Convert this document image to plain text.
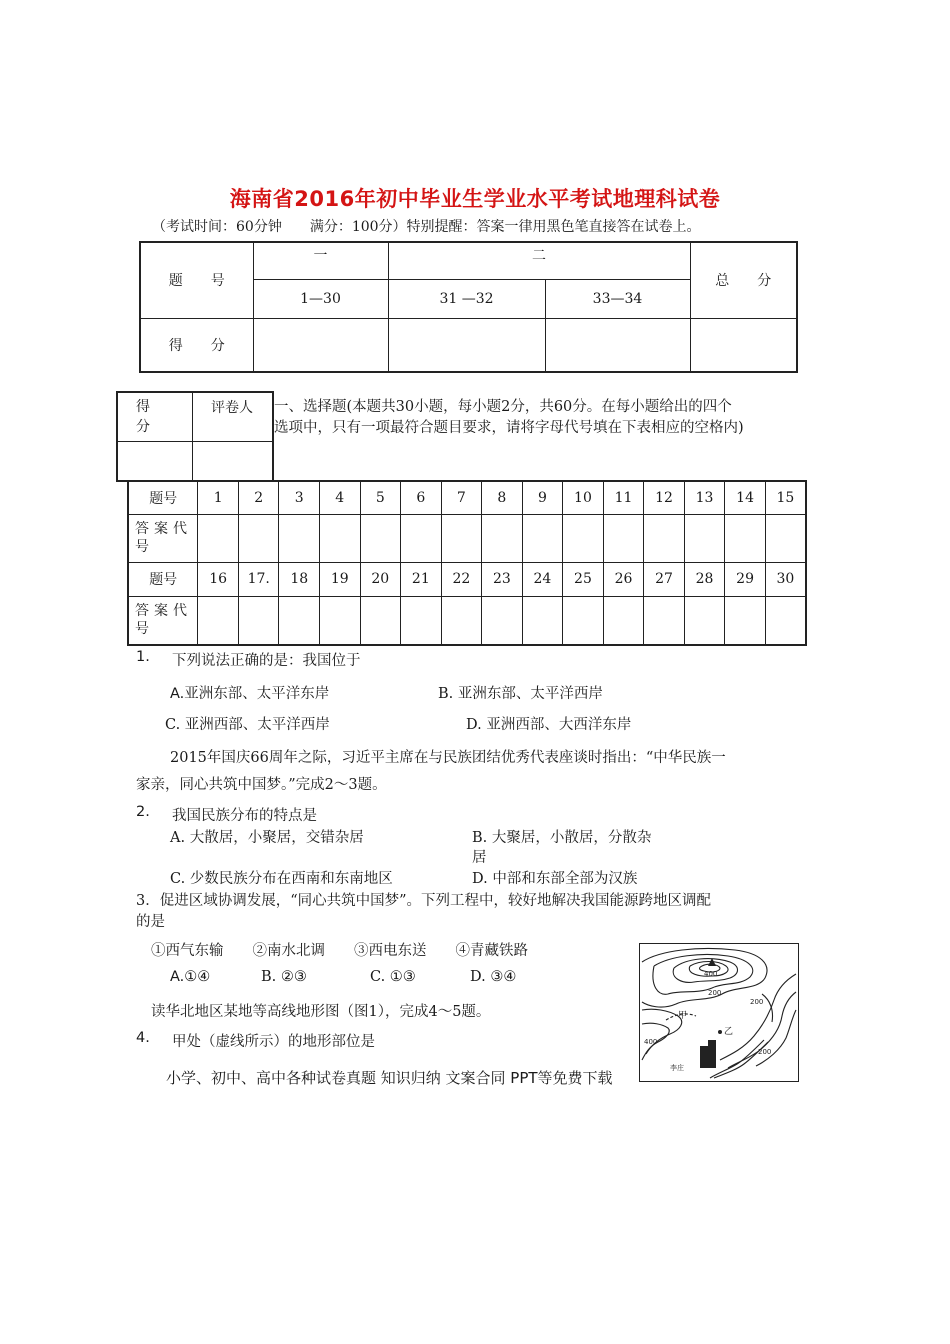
海南省2016年初中毕业生学业水平考试地理科试卷
（考试时间：60分钟　　满分：100分）特别提醒：答案一律用黑色笔直接答在试卷上。
题　　号	一	二		总　　分
	1—30	31 —32	33—34	
得　　分				
得分	评卷人
	一、选择题(本题共30小题，每小题2分，共60分。在每小题给出的四个
选项中，只有一项最符合题目要求，请将字母代号填在下表相应的空格内)
题号	1	2	3	4	5	6	7	8	9	10	11	12	13	14	15
答案代号															
题号	16	17.	18	19	20	21	22	23	24	25	26	27	28	29	30
答案代号															
1. 下列说法正确的是：我国位于
A.亚洲东部、太平洋东岸	B. 亚洲东部、太平洋西岸
C. 亚洲西部、太平洋西岸	D. 亚洲西部、大西洋东岸
2015年国庆66周年之际，习近平主席在与民族团结优秀代表座谈时指出：“中华民族一
家亲，同心共筑中国梦。”完成2～3题。
2. 我国民族分布的特点是
A. 大散居，小聚居，交错杂居	B. 大聚居，小散居，分散杂
居
C. 少数民族分布在西南和东南地区	D. 中部和东部全部为汉族
3．促进区域协调发展，“同心共筑中国梦”。下列工程中，较好地解决我国能源跨地区调配
的是
①西气东输　　②南水北调　　③西电东送　　④青藏铁路
A.①④	B. ②③	C. ①③	D. ③④
读华北地区某地等高线地形图（图1），完成4～5题。
4. 甲处（虚线所示）的地形部位是
400
200
200
甲
乙
400
200
李庄
小学、初中、高中各种试卷真题 知识归纳 文案合同 PPT等免费下载
